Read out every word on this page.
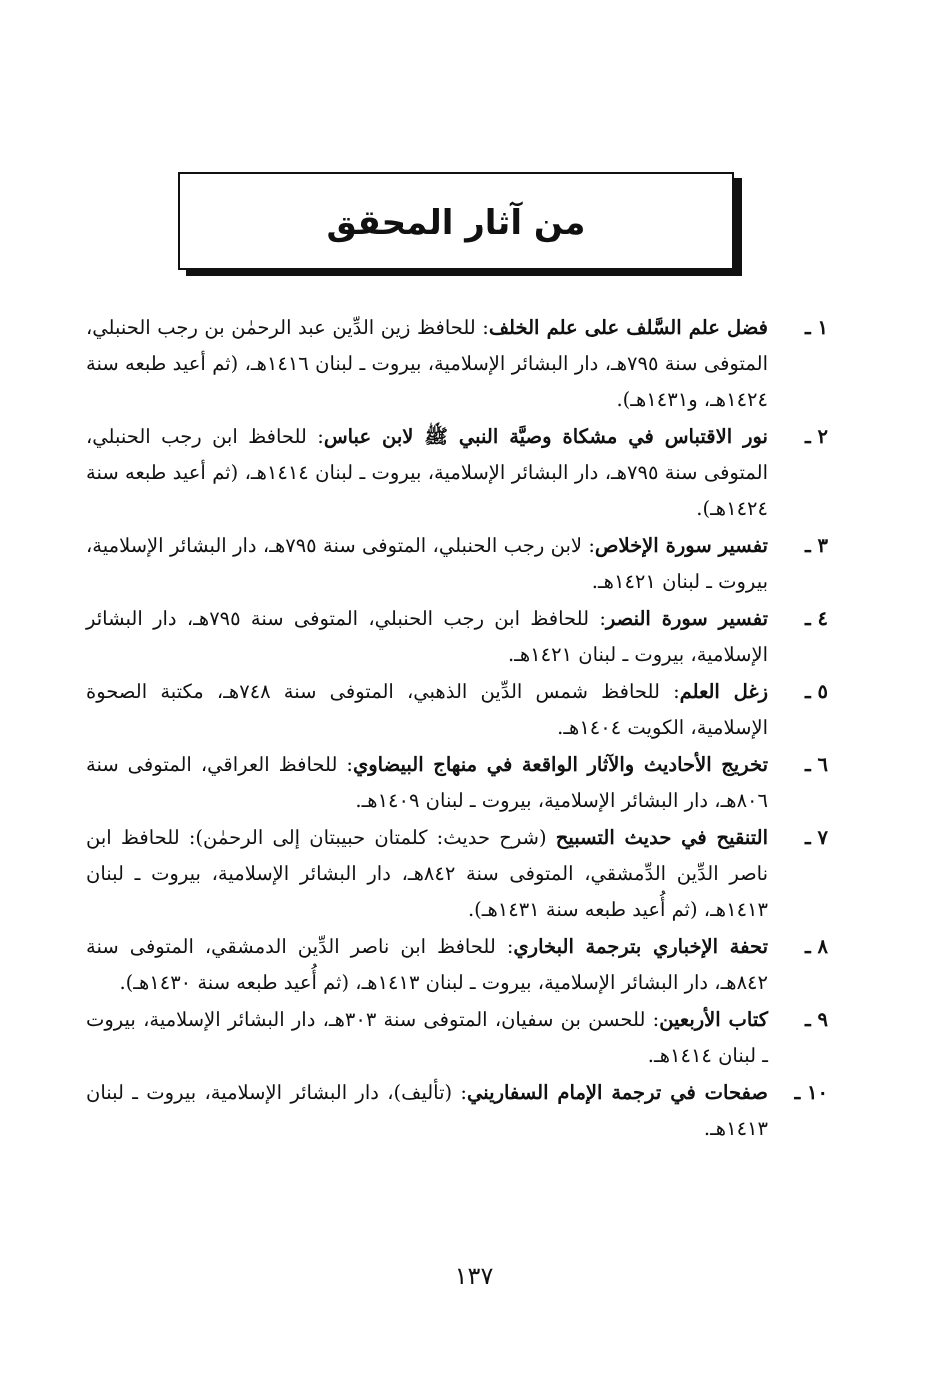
من آثار المحقق
١ ـ
فضل علم السَّلف على علم الخلف: للحافظ زين الدِّين عبد الرحمٰن بن رجب الحنبلي، المتوفى سنة ٧٩٥هـ، دار البشائر الإسلامية، بيروت ـ لبنان ١٤١٦هـ، (ثم أعيد طبعه سنة ١٤٢٤هـ، و١٤٣١هـ).
٢ ـ
نور الاقتباس في مشكاة وصيَّة النبي ﷺ لابن عباس: للحافظ ابن رجب الحنبلي، المتوفى سنة ٧٩٥هـ، دار البشائر الإسلامية، بيروت ـ لبنان ١٤١٤هـ، (ثم أعيد طبعه سنة ١٤٢٤هـ).
٣ ـ
تفسير سورة الإخلاص: لابن رجب الحنبلي، المتوفى سنة ٧٩٥هـ، دار البشائر الإسلامية، بيروت ـ لبنان ١٤٢١هـ.
٤ ـ
تفسير سورة النصر: للحافظ ابن رجب الحنبلي، المتوفى سنة ٧٩٥هـ، دار البشائر الإسلامية، بيروت ـ لبنان ١٤٢١هـ.
٥ ـ
زغل العلم: للحافظ شمس الدِّين الذهبي، المتوفى سنة ٧٤٨هـ، مكتبة الصحوة الإسلامية، الكويت ١٤٠٤هـ.
٦ ـ
تخريج الأحاديث والآثار الواقعة في منهاج البيضاوي: للحافظ العراقي، المتوفى سنة ٨٠٦هـ، دار البشائر الإسلامية، بيروت ـ لبنان ١٤٠٩هـ.
٧ ـ
التنقيح في حديث التسبيح (شرح حديث: كلمتان حبيبتان إلى الرحمٰن): للحافظ ابن ناصر الدِّين الدِّمشقي، المتوفى سنة ٨٤٢هـ، دار البشائر الإسلامية، بيروت ـ لبنان ١٤١٣هـ، (ثم أُعيد طبعه سنة ١٤٣١هـ).
٨ ـ
تحفة الإخباري بترجمة البخاري: للحافظ ابن ناصر الدِّين الدمشقي، المتوفى سنة ٨٤٢هـ، دار البشائر الإسلامية، بيروت ـ لبنان ١٤١٣هـ، (ثم أُعيد طبعه سنة ١٤٣٠هـ).
٩ ـ
كتاب الأربعين: للحسن بن سفيان، المتوفى سنة ٣٠٣هـ، دار البشائر الإسلامية، بيروت ـ لبنان ١٤١٤هـ.
١٠ ـ
صفحات في ترجمة الإمام السفاريني: (تأليف)، دار البشائر الإسلامية، بيروت ـ لبنان ١٤١٣هـ.
١٣٧
